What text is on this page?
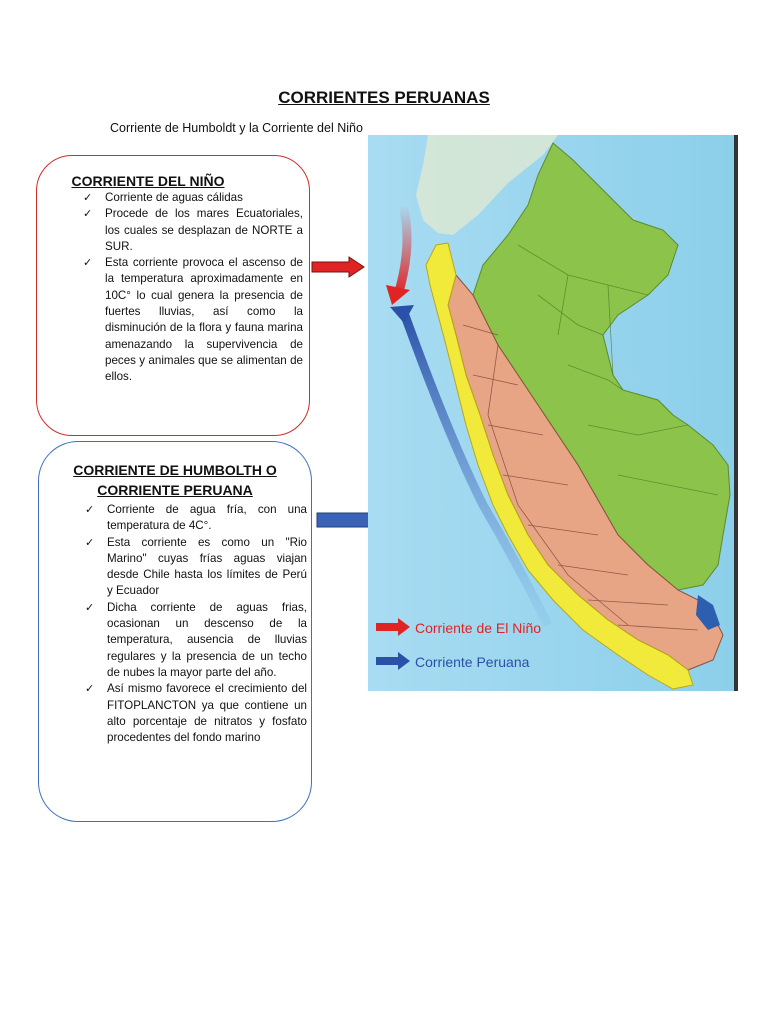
CORRIENTES PERUANAS
Corriente de Humboldt y la Corriente del Niño
CORRIENTE DEL NIÑO
✓ Corriente de aguas cálidas
✓ Procede de los mares Ecuatoriales, los cuales se desplazan de NORTE a SUR.
✓ Esta corriente provoca el ascenso de la temperatura aproximadamente en 10C° lo cual genera la presencia de fuertes lluvias, así como la disminución de la flora y fauna marina amenazando la supervivencia de peces y animales que se alimentan de ellos.
CORRIENTE DE HUMBOLTH O
CORRIENTE PERUANA
✓ Corriente de agua fría, con una temperatura de 4C°.
✓ Esta corriente es como un "Rio Marino" cuyas frías aguas viajan desde Chile hasta los límites de Perú y Ecuador
✓ Dicha corriente de aguas frias, ocasionan un descenso de la temperatura, ausencia de lluvias regulares y la presencia de un techo de nubes la mayor parte del año.
✓ Así mismo favorece el crecimiento del FITOPLANCTON ya que contiene un alto porcentaje de nitratos y fosfato procedentes del fondo marino
Corriente de El Niño
Corriente Peruana
